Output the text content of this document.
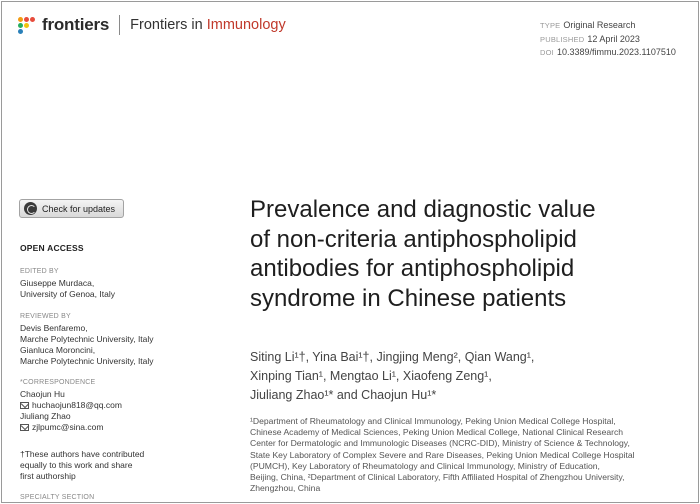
frontiers Frontiers in Immunology	TYPE Original Research
PUBLISHED 12 April 2023
DOI 10.3389/fimmu.2023.1107510
Check for updates
OPEN ACCESS
EDITED BY
Giuseppe Murdaca,
University of Genoa, Italy
REVIEWED BY
Devis Benfaremo,
Marche Polytechnic University, Italy
Gianluca Moroncini,
Marche Polytechnic University, Italy
*CORRESPONDENCE
Chaojun Hu
huchaojun818@qq.com
Jiuliang Zhao
zjlpumc@sina.com
†These authors have contributed
equally to this work and share
first authorship
SPECIALTY SECTION
Prevalence and diagnostic value
of non-criteria antiphospholipid
antibodies for antiphospholipid
syndrome in Chinese patients
Siting Li¹†, Yina Bai¹†, Jingjing Meng², Qian Wang¹,
Xinping Tian¹, Mengtao Li¹, Xiaofeng Zeng¹,
Jiuliang Zhao¹* and Chaojun Hu¹*
¹Department of Rheumatology and Clinical Immunology, Peking Union Medical College Hospital,
Chinese Academy of Medical Sciences, Peking Union Medical College, National Clinical Research
Center for Dermatologic and Immunologic Diseases (NCRC-DID), Ministry of Science & Technology,
State Key Laboratory of Complex Severe and Rare Diseases, Peking Union Medical College Hospital
(PUMCH), Key Laboratory of Rheumatology and Clinical Immunology, Ministry of Education,
Beijing, China, ²Department of Clinical Laboratory, Fifth Affiliated Hospital of Zhengzhou University,
Zhengzhou, China
